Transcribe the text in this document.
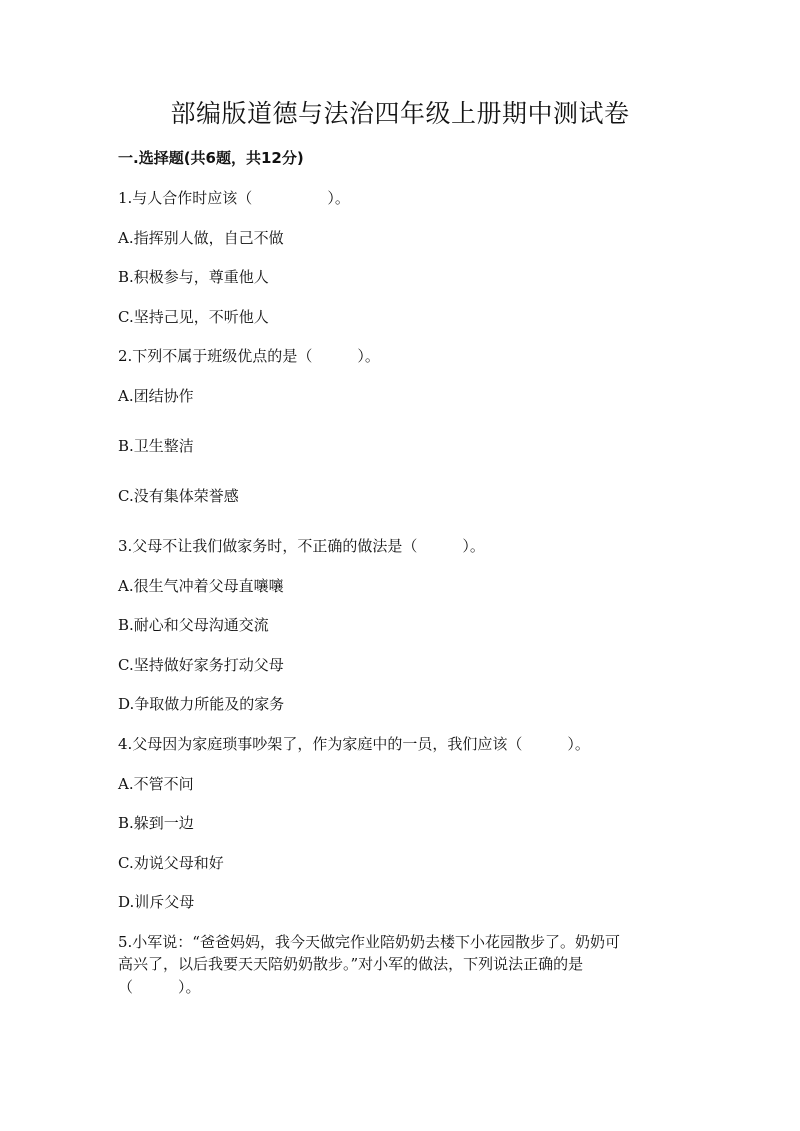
部编版道德与法治四年级上册期中测试卷
一.选择题(共6题，共12分)
1.与人合作时应该（　　　　　）。
A.指挥别人做，自己不做
B.积极参与，尊重他人
C.坚持己见，不听他人
2.下列不属于班级优点的是（　　　）。
A.团结协作
B.卫生整洁
C.没有集体荣誉感
3.父母不让我们做家务时，不正确的做法是（　　　）。
A.很生气冲着父母直嚷嚷
B.耐心和父母沟通交流
C.坚持做好家务打动父母
D.争取做力所能及的家务
4.父母因为家庭琐事吵架了，作为家庭中的一员，我们应该（　　　）。
A.不管不问
B.躲到一边
C.劝说父母和好
D.训斥父母
5.小军说：“爸爸妈妈，我今天做完作业陪奶奶去楼下小花园散步了。奶奶可
高兴了，以后我要天天陪奶奶散步。”对小军的做法，下列说法正确的是
（　　　）。
